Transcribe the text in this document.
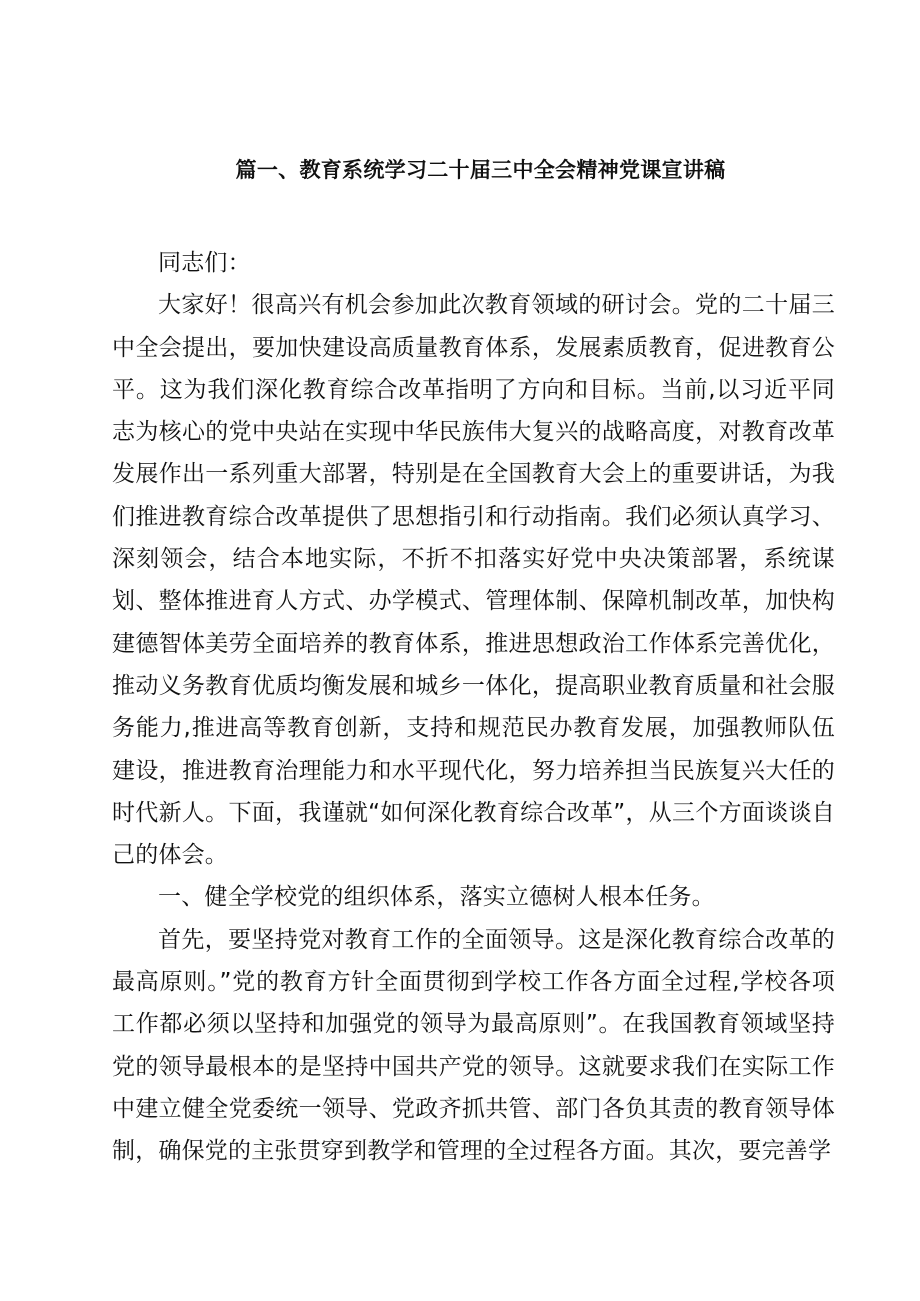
篇一、教育系统学习二十届三中全会精神党课宣讲稿

同志们：

大家好！很高兴有机会参加此次教育领域的研讨会。党的二十届三中全会提出，要加快建设高质量教育体系，发展素质教育，促进教育公平。这为我们深化教育综合改革指明了方向和目标。当前,以习近平同志为核心的党中央站在实现中华民族伟大复兴的战略高度，对教育改革发展作出一系列重大部署，特别是在全国教育大会上的重要讲话，为我们推进教育综合改革提供了思想指引和行动指南。我们必须认真学习、深刻领会，结合本地实际，不折不扣落实好党中央决策部署，系统谋划、整体推进育人方式、办学模式、管理体制、保障机制改革，加快构建德智体美劳全面培养的教育体系，推进思想政治工作体系完善优化，推动义务教育优质均衡发展和城乡一体化，提高职业教育质量和社会服务能力,推进高等教育创新，支持和规范民办教育发展，加强教师队伍建设，推进教育治理能力和水平现代化，努力培养担当民族复兴大任的时代新人。下面，我谨就“如何深化教育综合改革”，从三个方面谈谈自己的体会。

一、健全学校党的组织体系，落实立德树人根本任务。

首先，要坚持党对教育工作的全面领导。这是深化教育综合改革的最高原则。”党的教育方针全面贯彻到学校工作各方面全过程,学校各项工作都必须以坚持和加强党的领导为最高原则”。在我国教育领域坚持党的领导最根本的是坚持中国共产党的领导。这就要求我们在实际工作中建立健全党委统一领导、党政齐抓共管、部门各负其责的教育领导体制，确保党的主张贯穿到教学和管理的全过程各方面。其次，要完善学
